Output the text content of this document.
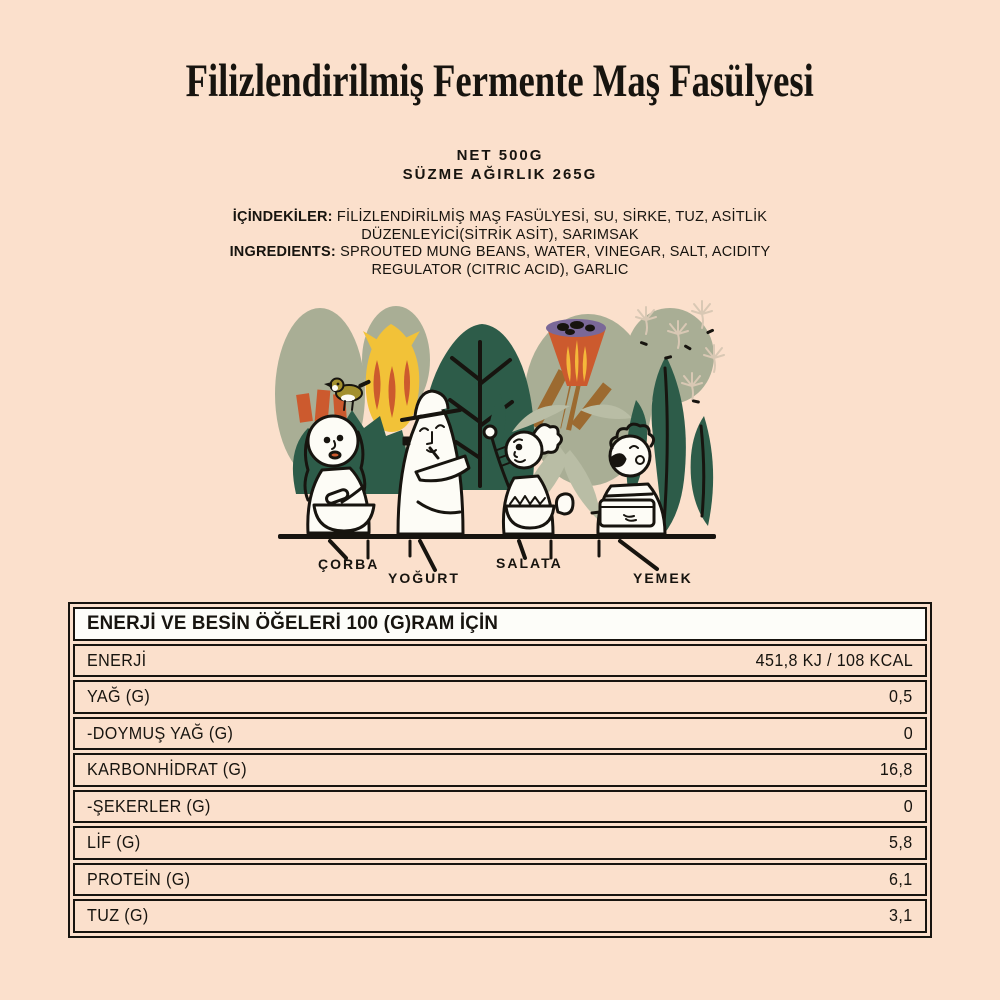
Filizlendirilmiş Fermente Maş Fasülyesi
NET 500G
SÜZME AĞIRLIK 265G
İÇİNDEKİLER: FİLİZLENDİRİLMİŞ MAŞ FASÜLYESİ, SU, SİRKE, TUZ, ASİTLİK DÜZENLEYİCİ(SİTRİK ASİT), SARIMSAK
INGREDIENTS: SPROUTED MUNG BEANS, WATER, VINEGAR, SALT, ACIDITY REGULATOR (CITRIC ACID), GARLIC
ÇORBA
YOĞURT
SALATA
YEMEK
ENERJİ VE BESİN ÖĞELERİ 100 (G)RAM İÇİN
ENERJİ	451,8 KJ / 108 KCAL
YAĞ (G)	0,5
-DOYMUŞ YAĞ (G)	0
KARBONHİDRAT (G)	16,8
-ŞEKERLER (G)	0
LİF (G)	5,8
PROTEİN (G)	6,1
TUZ (G)	3,1
